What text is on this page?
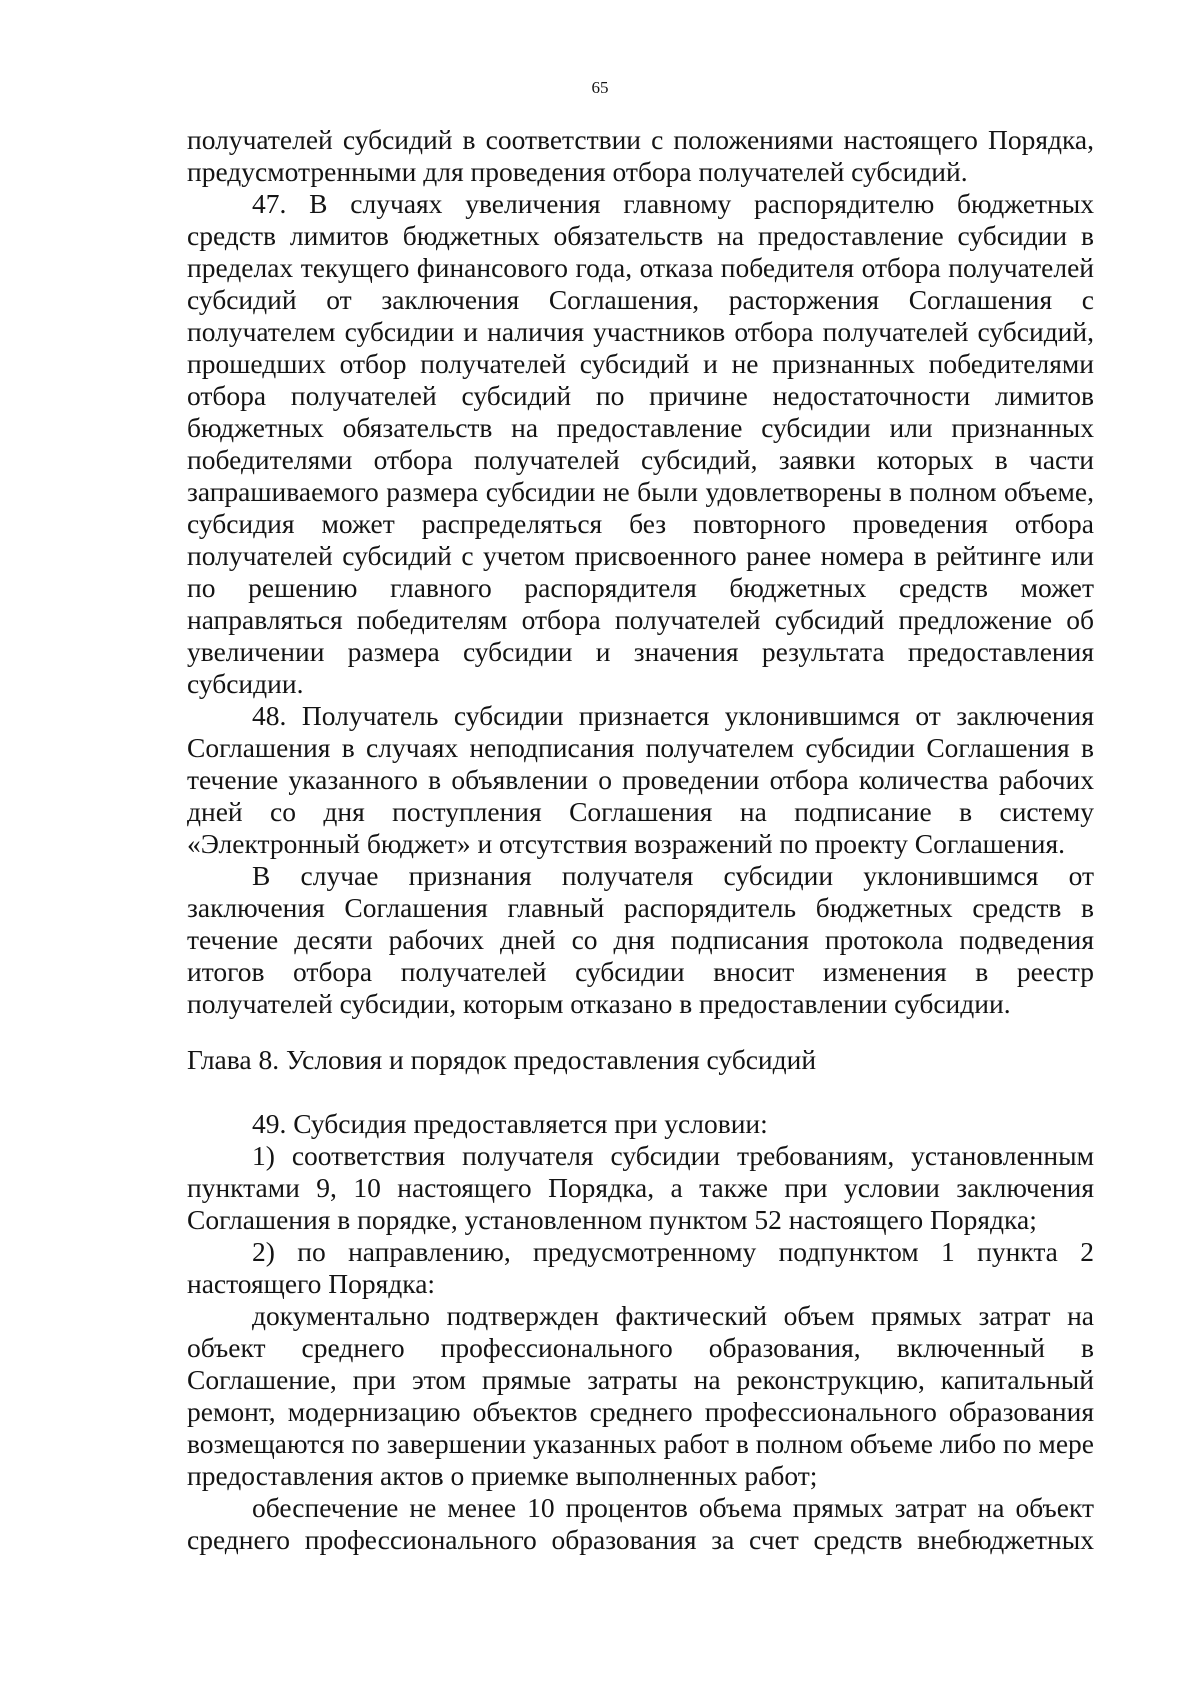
65

получателей субсидий в соответствии с положениями настоящего Порядка, предусмотренными для проведения отбора получателей субсидий.

47. В случаях увеличения главному распорядителю бюджетных средств лимитов бюджетных обязательств на предоставление субсидии в пределах текущего финансового года, отказа победителя отбора получателей субсидий от заключения Соглашения, расторжения Соглашения с получателем субсидии и наличия участников отбора получателей субсидий, прошедших отбор получателей субсидий и не признанных победителями отбора получателей субсидий по причине недостаточности лимитов бюджетных обязательств на предоставление субсидии или признанных победителями отбора получателей субсидий, заявки которых в части запрашиваемого размера субсидии не были удовлетворены в полном объеме, субсидия может распределяться без повторного проведения отбора получателей субсидий с учетом присвоенного ранее номера в рейтинге или по решению главного распорядителя бюджетных средств может направляться победителям отбора получателей субсидий предложение об увеличении размера субсидии и значения результата предоставления субсидии.

48. Получатель субсидии признается уклонившимся от заключения Соглашения в случаях неподписания получателем субсидии Соглашения в течение указанного в объявлении о проведении отбора количества рабочих дней со дня поступления Соглашения на подписание в систему «Электронный бюджет» и отсутствия возражений по проекту Соглашения.

В случае признания получателя субсидии уклонившимся от заключения Соглашения главный распорядитель бюджетных средств в течение десяти рабочих дней со дня подписания протокола подведения итогов отбора получателей субсидии вносит изменения в реестр получателей субсидии, которым отказано в предоставлении субсидии.

Глава 8. Условия и порядок предоставления субсидий

49. Субсидия предоставляется при условии:

1) соответствия получателя субсидии требованиям, установленным пунктами 9, 10 настоящего Порядка, а также при условии заключения Соглашения в порядке, установленном пунктом 52 настоящего Порядка;

2) по направлению, предусмотренному подпунктом 1 пункта 2 настоящего Порядка:

документально подтвержден фактический объем прямых затрат на объект среднего профессионального образования, включенный в Соглашение, при этом прямые затраты на реконструкцию, капитальный ремонт, модернизацию объектов среднего профессионального образования возмещаются по завершении указанных работ в полном объеме либо по мере предоставления актов о приемке выполненных работ;

обеспечение не менее 10 процентов объема прямых затрат на объект среднего профессионального образования за счет средств внебюджетных
